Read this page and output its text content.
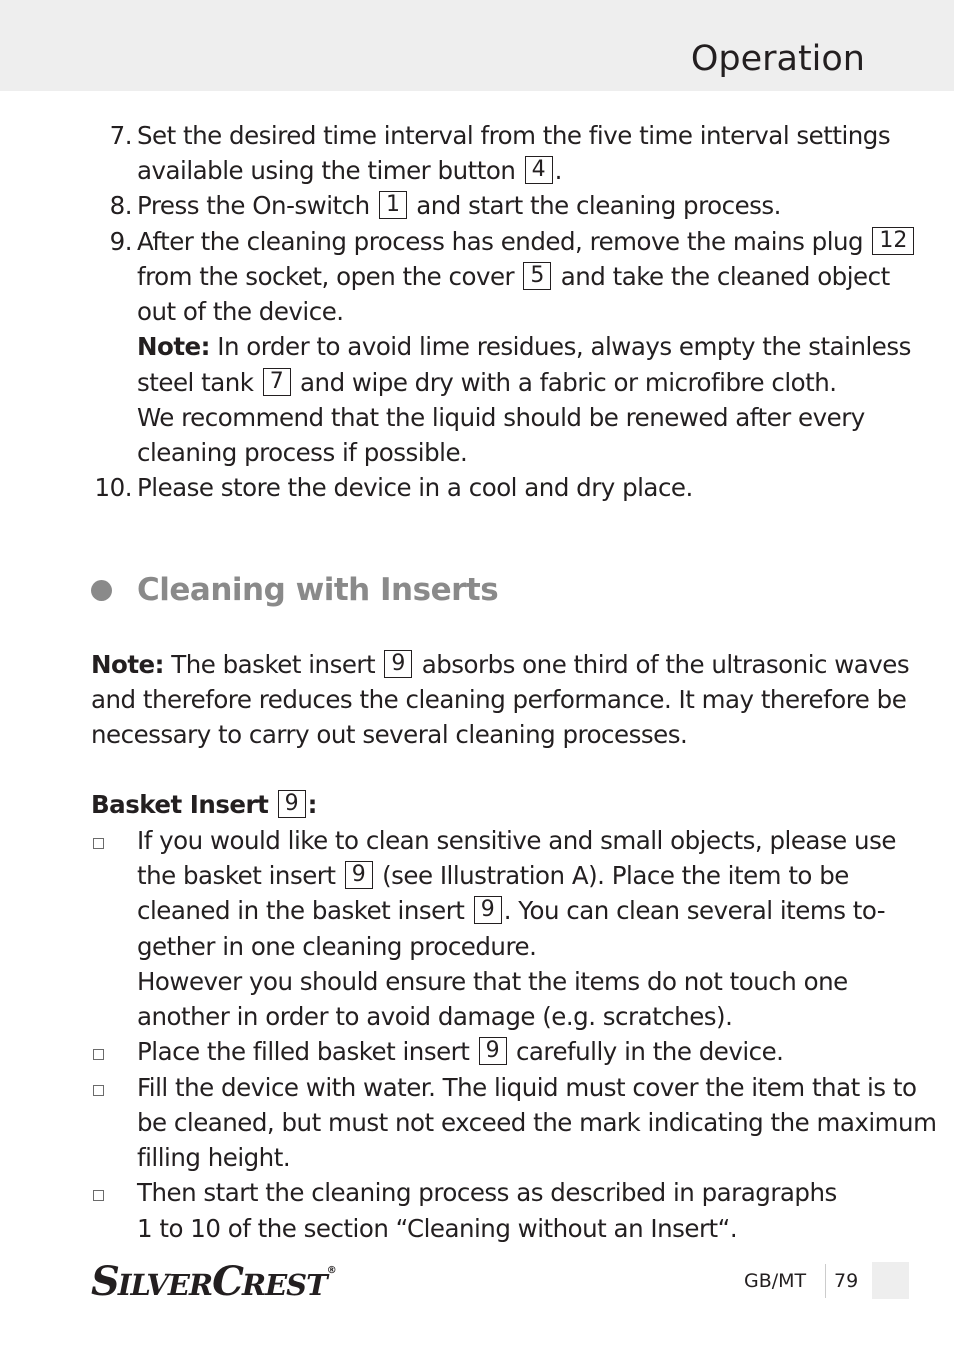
Operation
7. Set the desired time interval from the five time interval settings
available using the timer button 4 .
8. Press the On-switch 1 and start the cleaning process.
9. After the cleaning process has ended, remove the mains plug 12
from the socket, open the cover 5 and take the cleaned object
out of the device.
Note: In order to avoid lime residues, always empty the stainless
steel tank 7 and wipe dry with a fabric or microfibre cloth.
We recommend that the liquid should be renewed after every
cleaning process if possible.
10. Please store the device in a cool and dry place.
Cleaning with Inserts
Note: The basket insert 9 absorbs one third of the ultrasonic waves
and therefore reduces the cleaning performance. It may therefore be
necessary to carry out several cleaning processes.
Basket Insert 9 :
If you would like to clean sensitive and small objects, please use
the basket insert 9 (see Illustration A). Place the item to be
cleaned in the basket insert 9 . You can clean several items to-
gether in one cleaning procedure.
However you should ensure that the items do not touch one
another in order to avoid damage (e.g. scratches).
Place the filled basket insert 9 carefully in the device.
Fill the device with water. The liquid must cover the item that is to
be cleaned, but must not exceed the mark indicating the maximum
filling height.
Then start the cleaning process as described in paragraphs
1 to 10 of the section “Cleaning without an Insert“.
SILVERCREST®	GB/MT 79
